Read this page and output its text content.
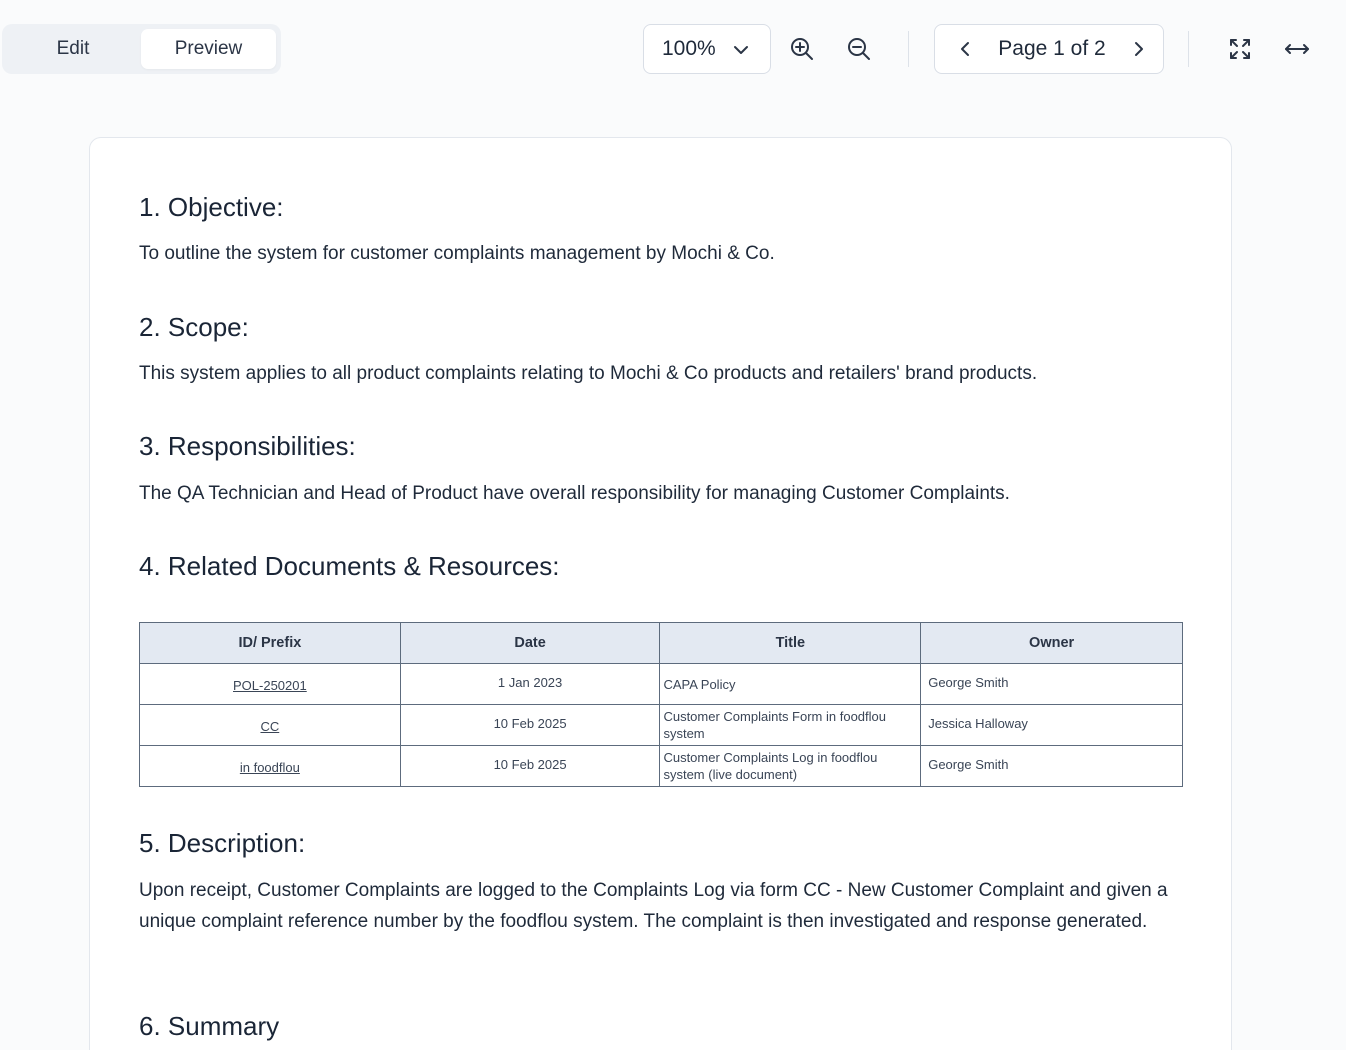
Edit	Preview	100%	Page 1 of 2
1. Objective:
To outline the system for customer complaints management by Mochi & Co.
2. Scope:
This system applies to all product complaints relating to Mochi & Co products and retailers' brand products.
3. Responsibilities:
The QA Technician and Head of Product have overall responsibility for managing Customer Complaints.
4. Related Documents & Resources:
ID/ Prefix	Date	Title	Owner
POL-250201	1 Jan 2023	CAPA Policy	George Smith
CC	10 Feb 2025	Customer Complaints Form in foodflou system	Jessica Halloway
in foodflou	10 Feb 2025	Customer Complaints Log in foodflou system (live document)	George Smith
5. Description:
Upon receipt, Customer Complaints are logged to the Complaints Log via form CC - New Customer Complaint and given a unique complaint reference number by the foodflou system. The complaint is then investigated and response generated.
6. Summary
